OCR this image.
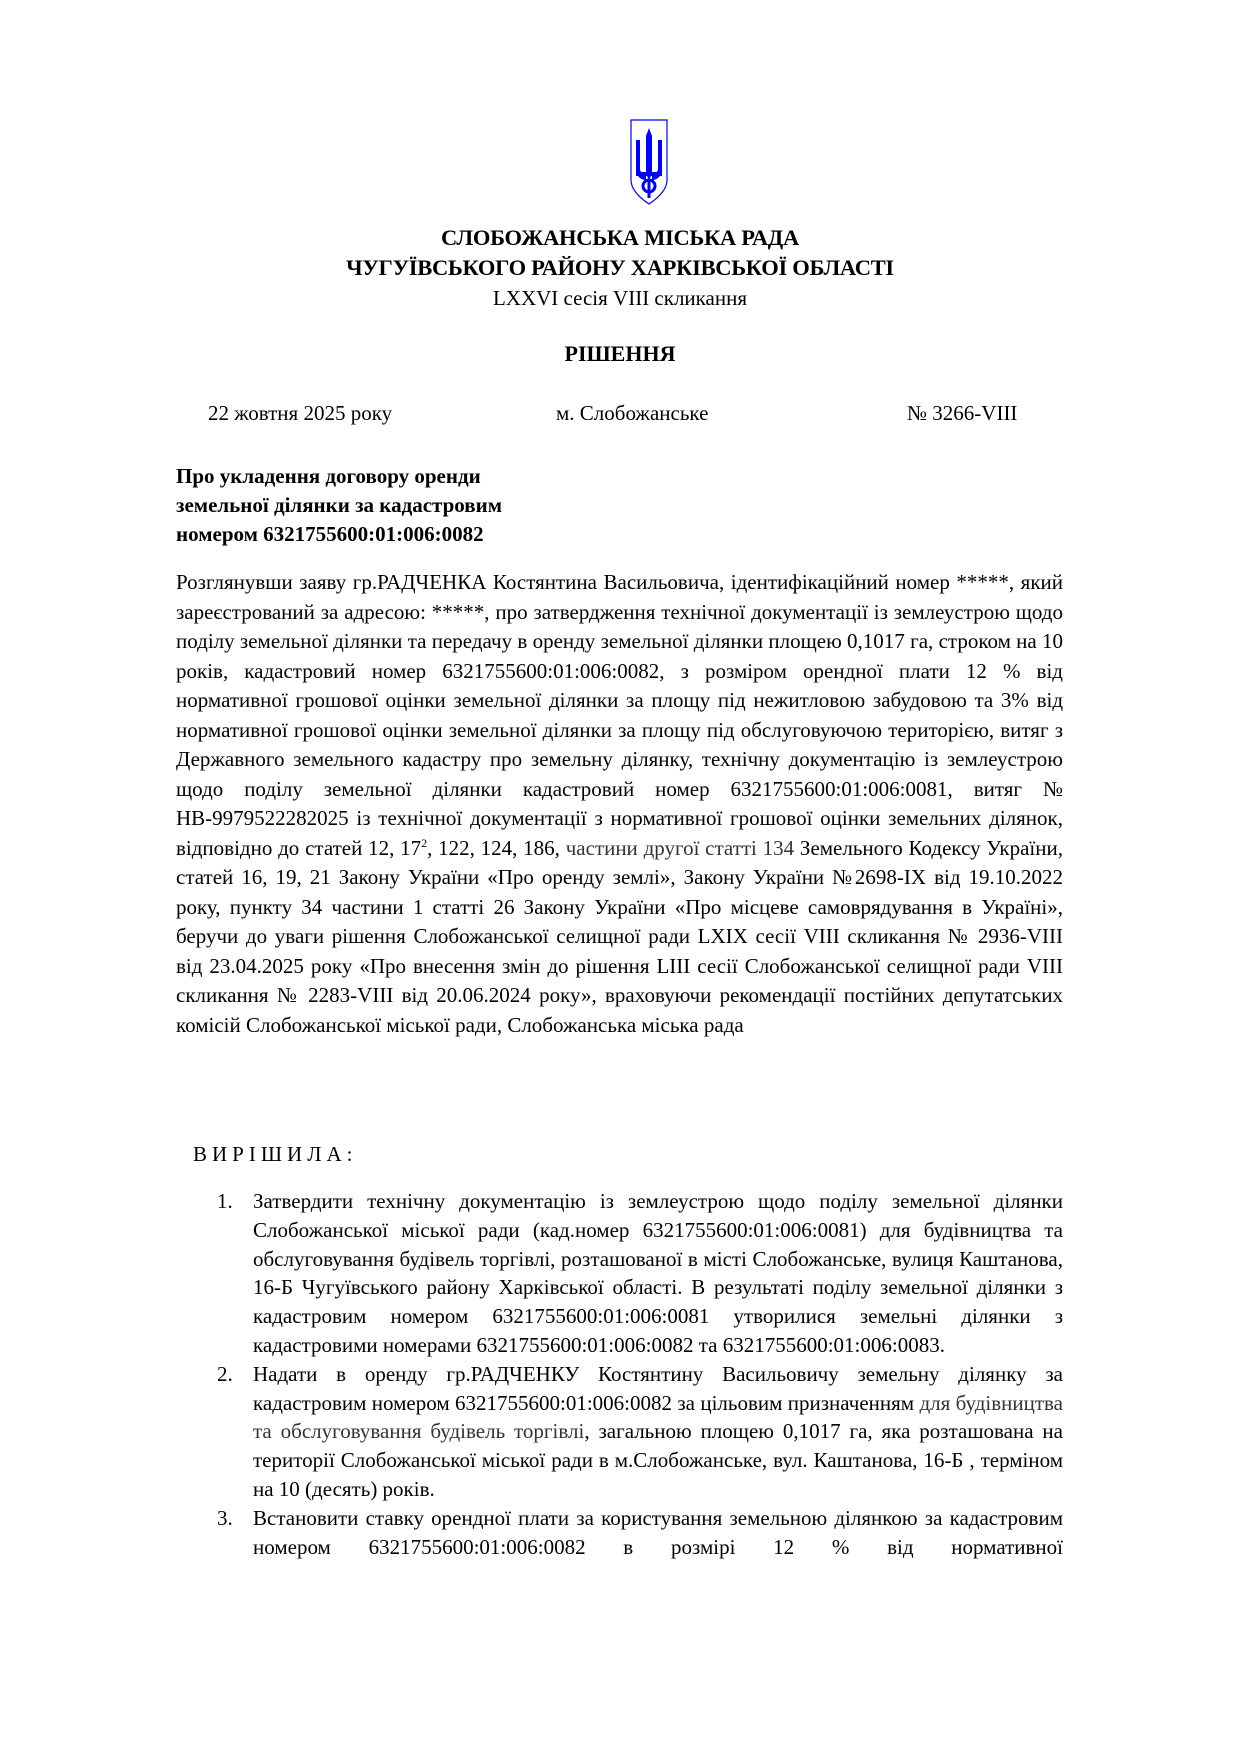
СЛОБОЖАНСЬКА МІСЬКА РАДА
ЧУГУЇВСЬКОГО РАЙОНУ ХАРКІВСЬКОЇ ОБЛАСТІ
LXXVI сесія VIII скликання
РІШЕННЯ
22 жовтня 2025 року	м. Слобожанське	№ 3266-VIII
Про укладення договору оренди
земельної ділянки за кадастровим
номером 6321755600:01:006:0082
Розглянувши заяву гр.РАДЧЕНКА Костянтина Васильовича, ідентифікаційний номер *****, який зареєстрований за адресою: *****, про затвердження технічної документації із землеустрою щодо поділу земельної ділянки та передачу в оренду земельної ділянки площею 0,1017 га, строком на 10 років, кадастровий номер 6321755600:01:006:0082, з розміром орендної плати 12 % від нормативної грошової оцінки земельної ділянки за площу під нежитловою забудовою та 3% від нормативної грошової оцінки земельної ділянки за площу під обслуговуючою територією, витяг з Державного земельного кадастру про земельну ділянку, технічну документацію із землеустрою щодо поділу земельної ділянки кадастровий номер 6321755600:01:006:0081, витяг № НВ-9979522282025 із технічної документації з нормативної грошової оцінки земельних ділянок, відповідно до статей 12, $17^2$, 122, 124, 186, частини другої статті 134 Земельного Кодексу України, статей 16, 19, 21 Закону України «Про оренду землі», Закону України №2698-IX від 19.10.2022 року, пункту 34 частини 1 статті 26 Закону України «Про місцеве самоврядування в Україні», беручи до уваги рішення Слобожанської селищної ради LXIX сесії VIII скликання № 2936-VIII від 23.04.2025 року «Про внесення змін до рішення LIII сесії Слобожанської селищної ради VIII скликання № 2283-VIII від 20.06.2024 року», враховуючи рекомендації постійних депутатських комісій Слобожанської міської ради, Слобожанська міська рада
ВИРІШИЛА:
1. Затвердити технічну документацію із землеустрою щодо поділу земельної ділянки Слобожанської міської ради (кад.номер 6321755600:01:006:0081) для будівництва та обслуговування будівель торгівлі, розташованої в місті Слобожанське, вулиця Каштанова, 16-Б Чугуївського району Харківської області. В результаті поділу земельної ділянки з кадастровим номером 6321755600:01:006:0081 утворилися земельні ділянки з кадастровими номерами 6321755600:01:006:0082 та 6321755600:01:006:0083.
2. Надати в оренду гр.РАДЧЕНКУ Костянтину Васильовичу земельну ділянку за кадастровим номером 6321755600:01:006:0082 за цільовим призначенням для будівництва та обслуговування будівель торгівлі, загальною площею 0,1017 га, яка розташована на території Слобожанської міської ради в м.Слобожанське, вул. Каштанова, 16-Б , терміном на 10 (десять) років.
3. Встановити ставку орендної плати за користування земельною ділянкою за кадастровим номером 6321755600:01:006:0082 в розмірі 12 % від нормативної
